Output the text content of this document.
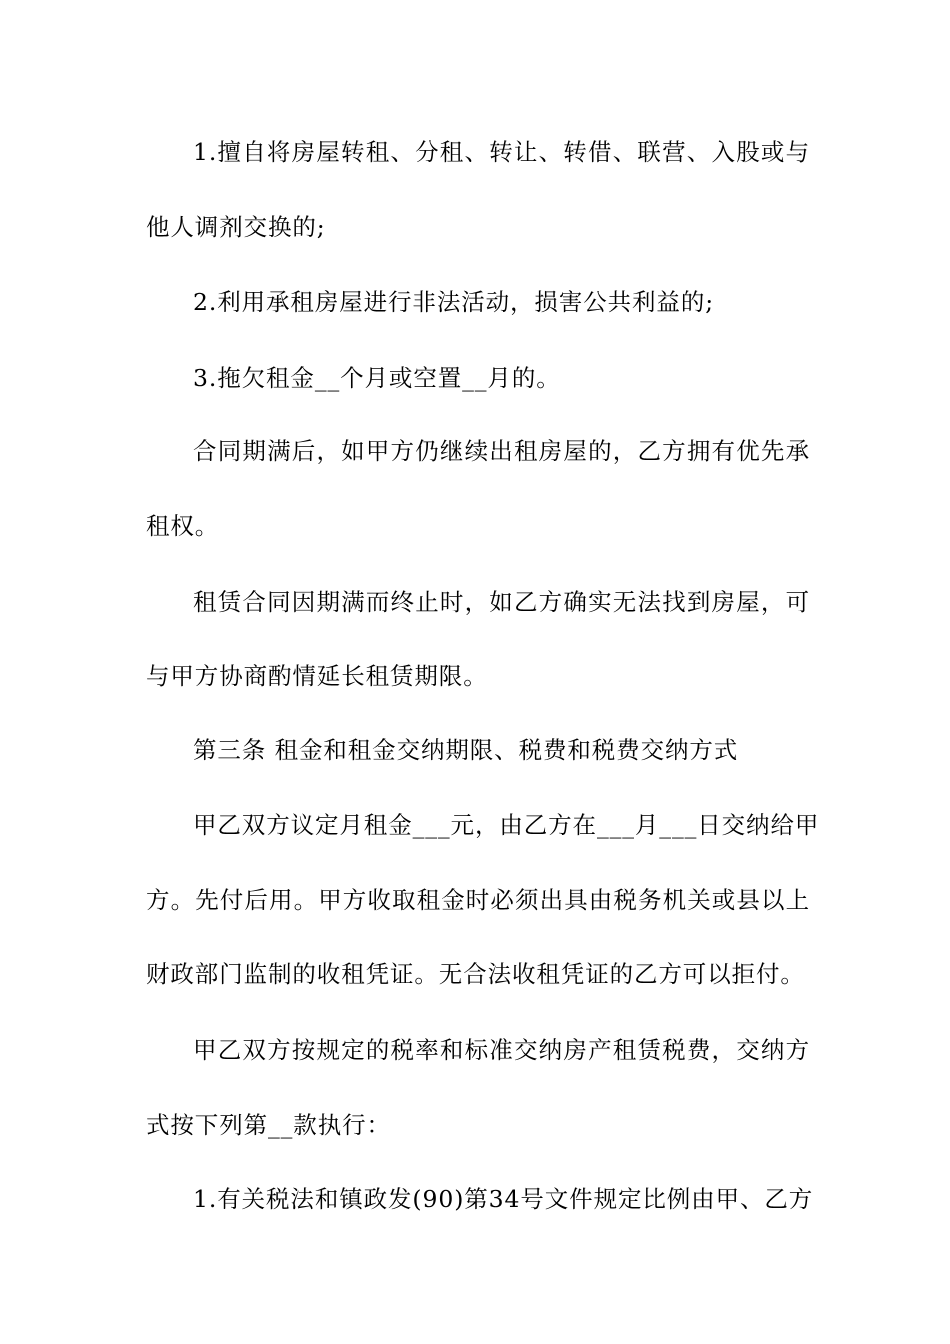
1.擅自将房屋转租、分租、转让、转借、联营、入股或与
他人调剂交换的;
2.利用承租房屋进行非法活动，损害公共利益的;
3.拖欠租金__个月或空置__月的。
合同期满后，如甲方仍继续出租房屋的，乙方拥有优先承
租权。
租赁合同因期满而终止时，如乙方确实无法找到房屋，可
与甲方协商酌情延长租赁期限。
第三条 租金和租金交纳期限、税费和税费交纳方式
甲乙双方议定月租金___元，由乙方在___月___日交纳给甲
方。先付后用。甲方收取租金时必须出具由税务机关或县以上
财政部门监制的收租凭证。无合法收租凭证的乙方可以拒付。
甲乙双方按规定的税率和标准交纳房产租赁税费，交纳方
式按下列第__款执行：
1.有关税法和镇政发(90)第34号文件规定比例由甲、乙方
